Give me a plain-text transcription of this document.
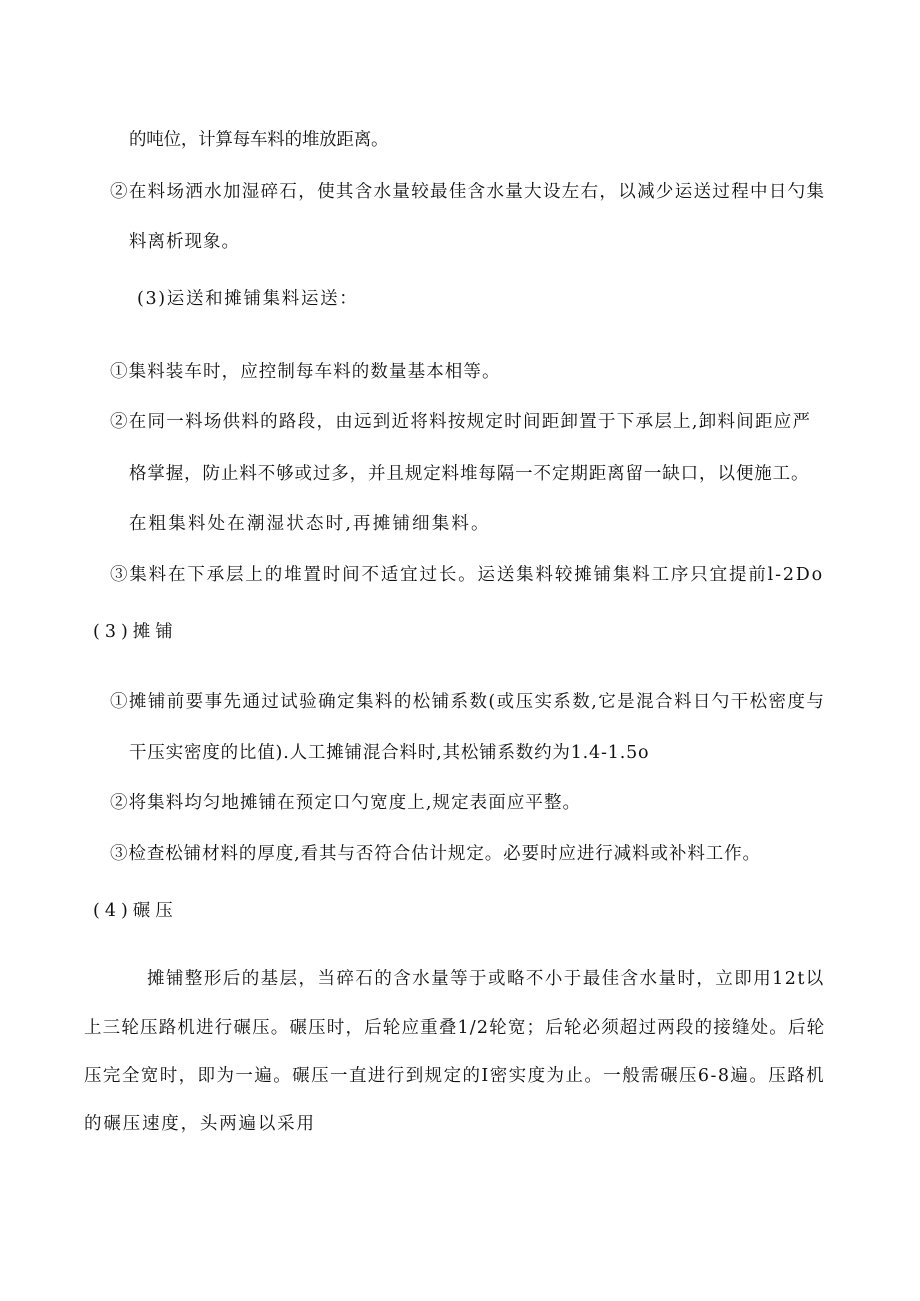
的吨位，计算每车料的堆放距离。
②在料场洒水加湿碎石，使其含水量较最佳含水量大设左右，以减少运送过程中日勺集
料离析现象。
(3)运送和摊铺集料运送：
①集料装车时，应控制每车料的数量基本相等。
②在同一料场供料的路段，由远到近将料按规定时间距卸置于下承层上,卸料间距应严
格掌握，防止料不够或过多，并且规定料堆每隔一不定期距离留一缺口，以便施工。
在粗集料处在潮湿状态时,再摊铺细集料。
③集料在下承层上的堆置时间不适宜过长。运送集料较摊铺集料工序只宜提前l-2Do
(3)摊铺
①摊铺前要事先通过试验确定集料的松铺系数(或压实系数,它是混合料日勺干松密度与
干压实密度的比值).人工摊铺混合料时,其松铺系数约为1.4-1.5o
②将集料均匀地摊铺在预定口勺宽度上,规定表面应平整。
③检查松铺材料的厚度,看其与否符合估计规定。必要时应进行减料或补料工作。
(4)碾压
摊铺整形后的基层，当碎石的含水量等于或略不小于最佳含水量时，立即用12t以
上三轮压路机进行碾压。碾压时，后轮应重叠1/2轮宽；后轮必须超过两段的接缝处。后轮
压完全宽时，即为一遍。碾压一直进行到规定的I密实度为止。一般需碾压6-8遍。压路机
的碾压速度，头两遍以采用
